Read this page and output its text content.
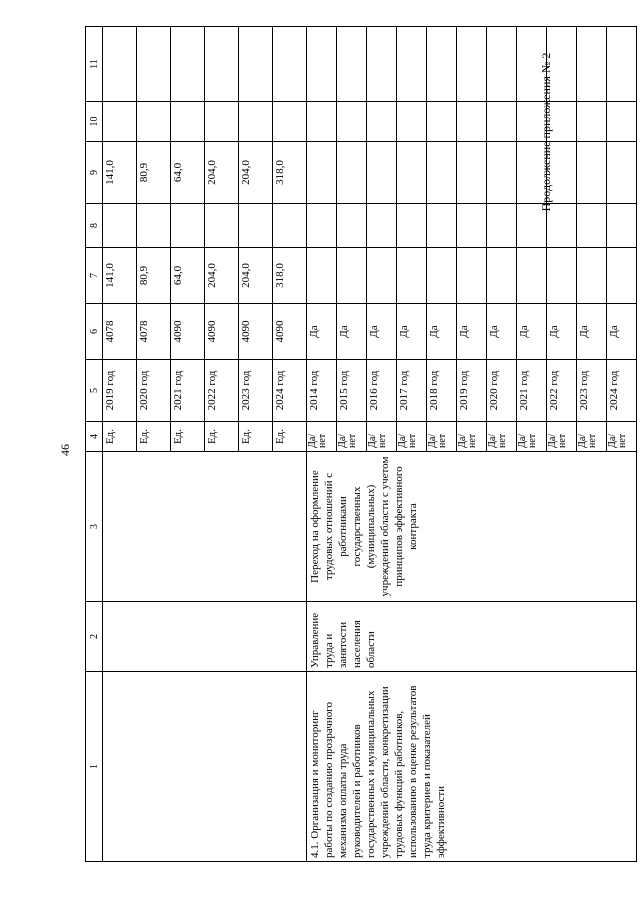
46
Продолжение приложения № 2
1	2	3	4	5	6	7	8	9	10	11
			Ед.	2019 год	4078	141,0		141,0		
			Ед.	2020 год	4078	80,9		80,9		
			Ед.	2021 год	4090	64,0		64,0		
			Ед.	2022 год	4090	204,0		204,0		
			Ед.	2023 год	4090	204,0		204,0		
			Ед.	2024 год	4090	318,0		318,0		
4.1. Организация и мониторинг работы по созданию прозрачного механизма оплаты труда руководителей и работников государственных и муниципальных учреждений области, конкретизации трудовых функций работников, использованию в оценке результатов труда критериев и показателей эффективности	Управление труда и занятости населения области	Переход на оформление трудовых отношений с работниками государственных (муниципальных) учреждений области с учетом принципов эффективного контракта	Да/ нет	2014 год	Да					
			Да/ нет	2015 год	Да					
			Да/ нет	2016 год	Да					
			Да/ нет	2017 год	Да					
			Да/ нет	2018 год	Да					
			Да/ нет	2019 год	Да					
			Да/ нет	2020 год	Да					
			Да/ нет	2021 год	Да					
			Да/ нет	2022 год	Да					
			Да/ нет	2023 год	Да					
			Да/ нет	2024 год	Да					
